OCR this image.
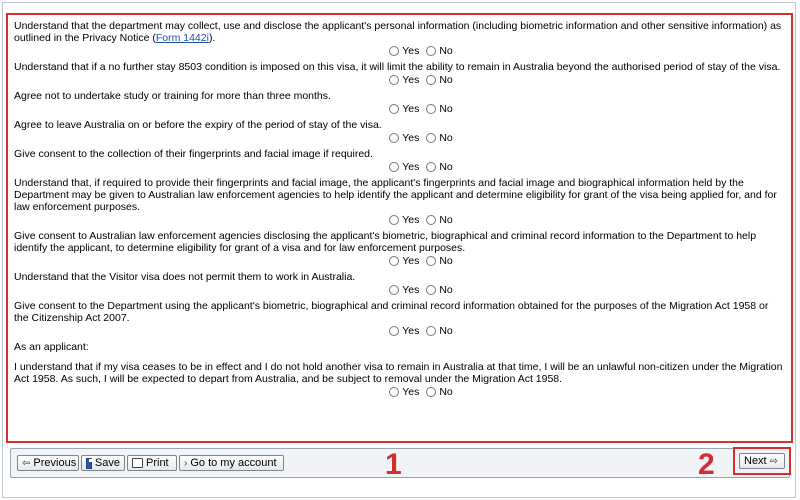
Understand that the department may collect, use and disclose the applicant's personal information (including biometric information and other sensitive information) as outlined in the Privacy Notice (Form 1442i).

Yes
No

Understand that if a no further stay 8503 condition is imposed on this visa, it will limit the ability to remain in Australia beyond the authorised period of stay of the visa.

Yes
No

Agree not to undertake study or training for more than three months.

Yes
No

Agree to leave Australia on or before the expiry of the period of stay of the visa.

Yes
No

Give consent to the collection of their fingerprints and facial image if required.

Yes
No

Understand that, if required to provide their fingerprints and facial image, the applicant's fingerprints and facial image and biographical information held by the Department may be given to Australian law enforcement agencies to help identify the applicant and determine eligibility for grant of the visa being applied for, and for law enforcement purposes.

Yes
No

Give consent to Australian law enforcement agencies disclosing the applicant's biometric, biographical and criminal record information to the Department to help identify the applicant, to determine eligibility for grant of a visa and for law enforcement purposes.

Yes
No

Understand that the Visitor visa does not permit them to work in Australia.

Yes
No

Give consent to the Department using the applicant's biometric, biographical and criminal record information obtained for the purposes of the Migration Act 1958 or the Citizenship Act 2007.

Yes
No

As an applicant:

I understand that if my visa ceases to be in effect and I do not hold another visa to remain in Australia at that time, I will be an unlawful non-citizen under the Migration Act 1958. As such, I will be expected to depart from Australia, and be subject to removal under the Migration Act 1958.

Yes
No
⇦ Previous Save Print › Go to my account	Next ⇨
1	2
